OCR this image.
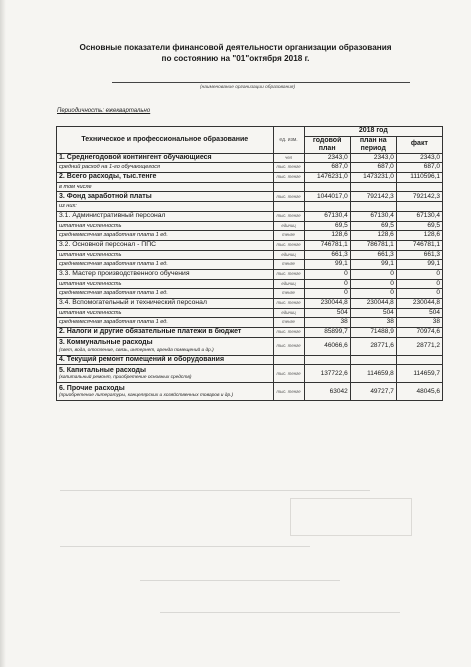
Основные показатели финансовой деятельности организации образования
по состоянию на "01"октября 2018 г.
(наименование организации образования)
Периодичность: ежеквартально
Техническое и профессиональное образование	ед. изм.	2018 год		
		годовой план	план на период	факт
1. Среднегодовой контингент обучающиеся	чел	2343,0	2343,0	2343,0
средний расход на 1-го обучающегося	тыс. тенге	687,0	687,0	687,0
2. Всего расходы, тыс.тенге	тыс. тенге	1476231,0	1473231,0	1110596,1
в том числе				
3. Фонд заработной платы	тыс. тенге	1044017,0	792142,3	792142,3
из них:				
3.1. Административный персонал	тыс. тенге	67130,4	67130,4	67130,4
штатная численность	единиц	69,5	69,5	69,5
среднемесячная заработная плата 1 ед.	тенге	128,6	128,6	128,6
3.2. Основной персонал - ППС	тыс. тенге	746781,1	786781,1	746781,1
штатная численность	единиц	661,3	661,3	661,3
среднемесячная заработная плата 1 ед.	тенге	99,1	99,1	99,1
3.3. Мастер производственного обучения	тыс. тенге	0	0	0
штатная численность	единиц	0	0	0
среднемесячная заработная плата 1 ед.	тенге	0	0	0
3.4. Вспомогательный и технический персонал	тыс. тенге	230044,8	230044,8	230044,8
штатная численность	единиц	504	504	504
среднемесячная заработная плата 1 ед.	тенге	38	38	38
2. Налоги и другие обязательные платежи в бюджет	тыс. тенге	85899,7	71488,9	70974,6
3. Коммунальные расходы
(свет, вода, отопление, связь, интернет, аренда помещений и др.)	тыс. тенге	46066,6	28771,6	28771,2
4. Текущий ремонт помещений и оборудования				
5. Капитальные расходы
(капитальный ремонт, приобретение основных средств)	тыс. тенге	137722,6	114659,8	114659,7
6. Прочие расходы
(приобретение литературы, канцелярских и хозяйственных товаров и др.)	тыс. тенге	63042	49727,7	48045,6
